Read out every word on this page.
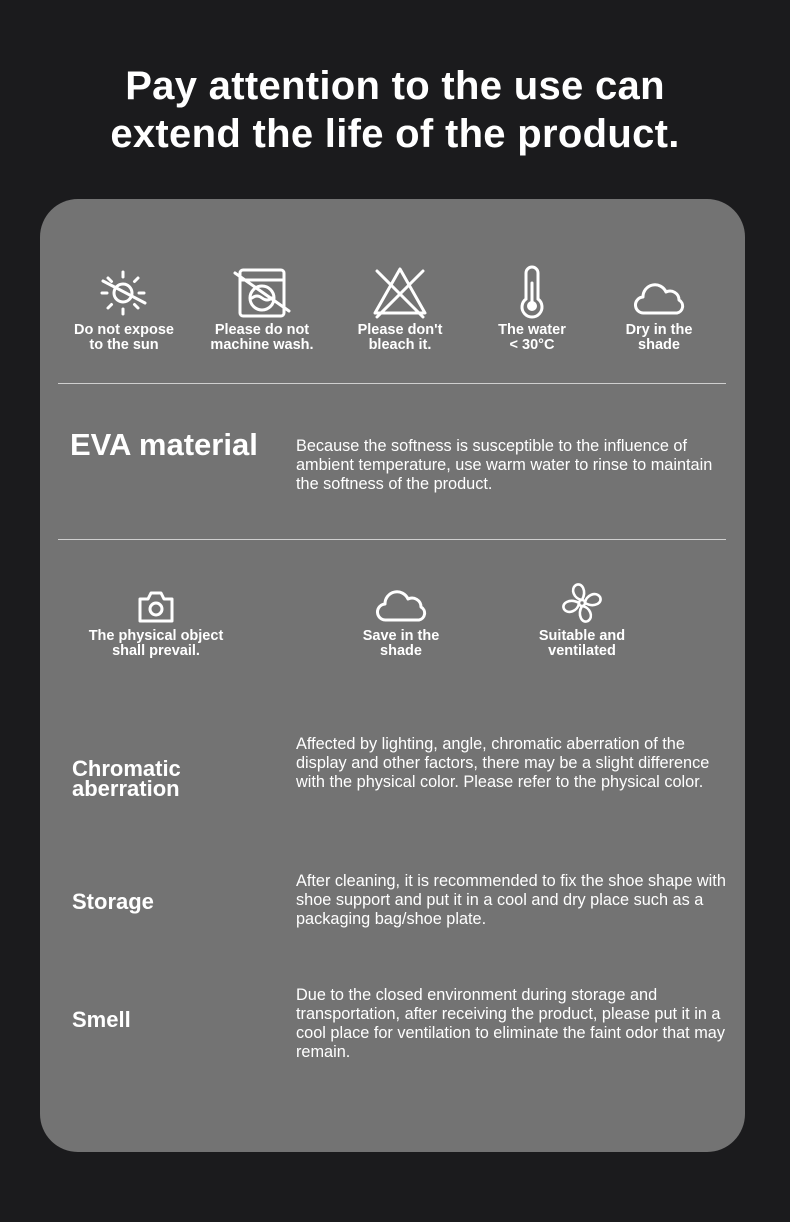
Pay attention to the use can
extend the life of the product.
Do not expose
to the sun
Please do not
machine wash.
Please don't
bleach it.
The water
< 30°C
Dry in the
shade
EVA material Because the softness is susceptible to the influence of ambient temperature, use warm water to rinse to maintain the softness of the product.
The physical object
shall prevail.
Save in the
shade
Suitable and
ventilated
Chromatic
aberration
Affected by lighting, angle, chromatic aberration of the display and other factors, there may be a slight difference with the physical color. Please refer to the physical color.
Storage
After cleaning, it is recommended to fix the shoe shape with shoe support and put it in a cool and dry place such as a packaging bag/shoe plate.
Smell
Due to the closed environment during storage and transportation, after receiving the product, please put it in a cool place for ventilation to eliminate the faint odor that may remain.
